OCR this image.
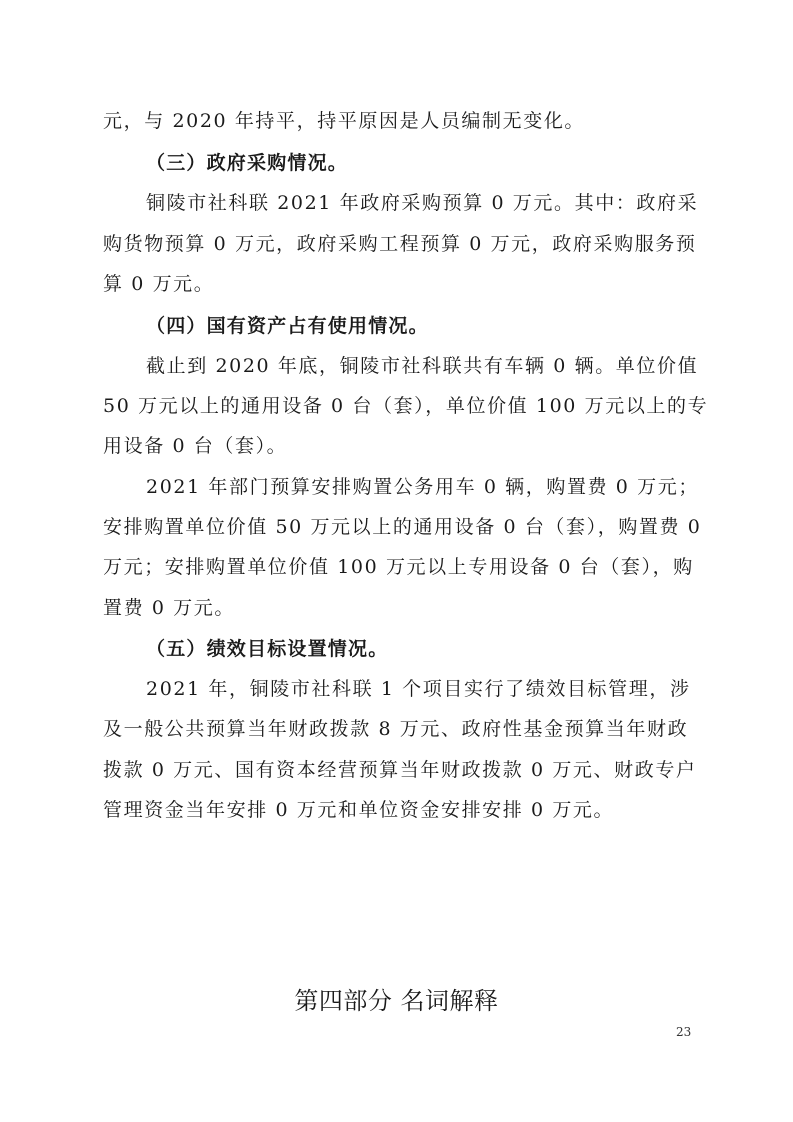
元，与 2020 年持平，持平原因是人员编制无变化。
（三）政府采购情况。
铜陵市社科联 2021 年政府采购预算 0 万元。其中：政府采
购货物预算 0 万元，政府采购工程预算 0 万元，政府采购服务预
算 0 万元。
（四）国有资产占有使用情况。
截止到 2020 年底，铜陵市社科联共有车辆 0 辆。单位价值
50 万元以上的通用设备 0 台（套），单位价值 100 万元以上的专
用设备 0 台（套）。
2021 年部门预算安排购置公务用车 0 辆，购置费 0 万元；
安排购置单位价值 50 万元以上的通用设备 0 台（套），购置费 0
万元；安排购置单位价值 100 万元以上专用设备 0 台（套），购
置费 0 万元。
（五）绩效目标设置情况。
2021 年，铜陵市社科联 1 个项目实行了绩效目标管理，涉
及一般公共预算当年财政拨款 8 万元、政府性基金预算当年财政
拨款 0 万元、国有资本经营预算当年财政拨款 0 万元、财政专户
管理资金当年安排 0 万元和单位资金安排安排 0 万元。
第四部分 名词解释
23
